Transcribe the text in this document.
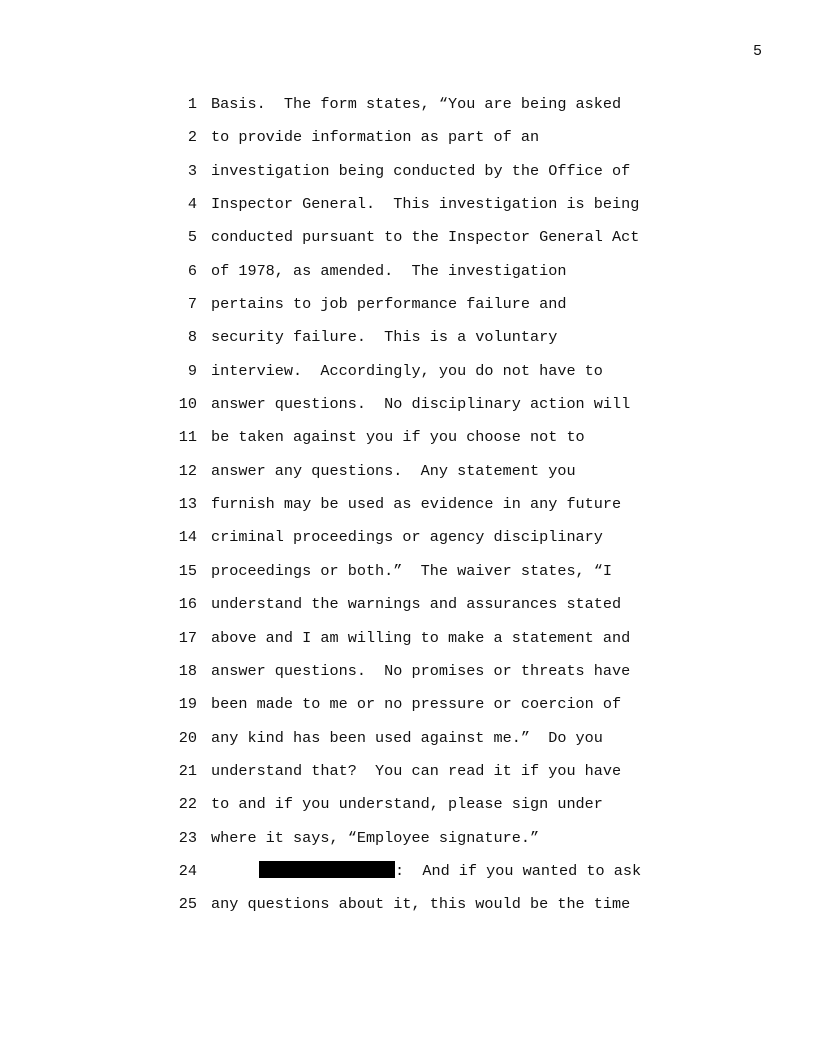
5
1 Basis.  The form states, “You are being asked
2 to provide information as part of an
3 investigation being conducted by the Office of
4 Inspector General.  This investigation is being
5 conducted pursuant to the Inspector General Act
6 of 1978, as amended.  The investigation
7 pertains to job performance failure and
8 security failure.  This is a voluntary
9 interview.  Accordingly, you do not have to
10 answer questions.  No disciplinary action will
11 be taken against you if you choose not to
12 answer any questions.  Any statement you
13 furnish may be used as evidence in any future
14 criminal proceedings or agency disciplinary
15 proceedings or both.”  The waiver states, “I
16 understand the warnings and assurances stated
17 above and I am willing to make a statement and
18 answer questions.  No promises or threats have
19 been made to me or no pressure or coercion of
20 any kind has been used against me.”  Do you
21 understand that?  You can read it if you have
22 to and if you understand, please sign under
23 where it says, “Employee signature.”
24	:  And if you wanted to ask
25 any questions about it, this would be the time
